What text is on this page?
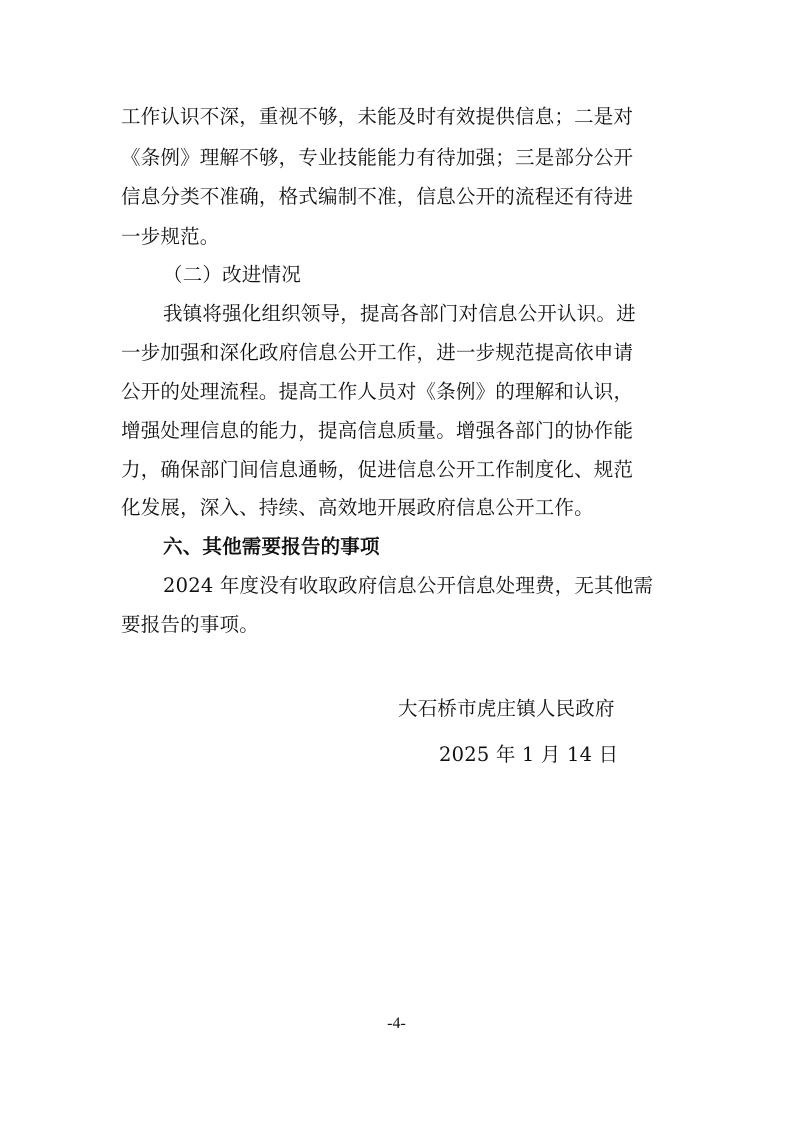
工作认识不深，重视不够，未能及时有效提供信息；二是对
《条例》理解不够，专业技能能力有待加强；三是部分公开
信息分类不准确，格式编制不准，信息公开的流程还有待进
一步规范。
（二）改进情况
我镇将强化组织领导，提高各部门对信息公开认识。进
一步加强和深化政府信息公开工作，进一步规范提高依申请
公开的处理流程。提高工作人员对《条例》的理解和认识，
增强处理信息的能力，提高信息质量。增强各部门的协作能
力，确保部门间信息通畅，促进信息公开工作制度化、规范
化发展，深入、持续、高效地开展政府信息公开工作。
六、其他需要报告的事项
2024 年度没有收取政府信息公开信息处理费，无其他需
要报告的事项。
大石桥市虎庄镇人民政府
2025 年 1 月 14 日
-4-
